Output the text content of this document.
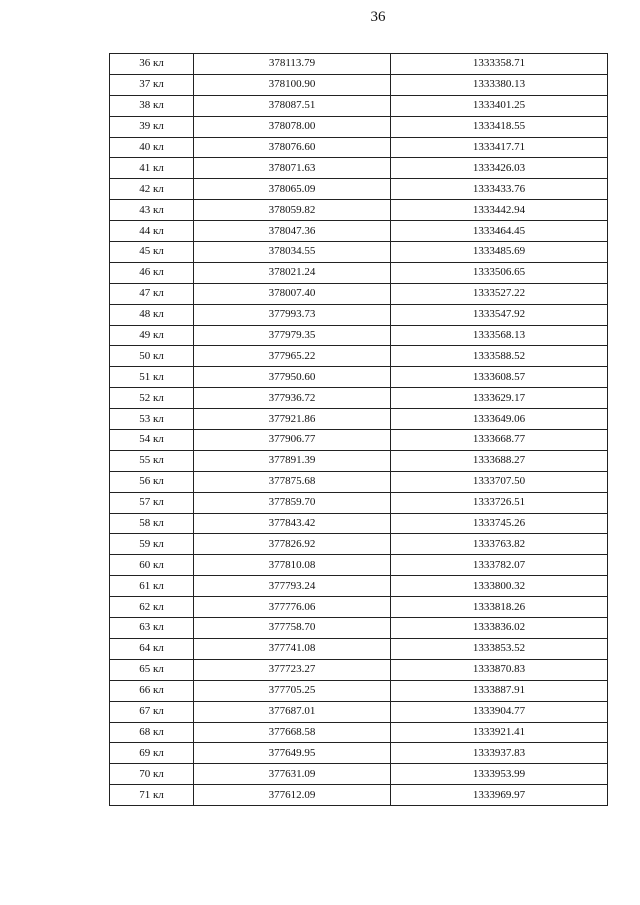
36
36 кл	378113.79	1333358.71
37 кл	378100.90	1333380.13
38 кл	378087.51	1333401.25
39 кл	378078.00	1333418.55
40 кл	378076.60	1333417.71
41 кл	378071.63	1333426.03
42 кл	378065.09	1333433.76
43 кл	378059.82	1333442.94
44 кл	378047.36	1333464.45
45 кл	378034.55	1333485.69
46 кл	378021.24	1333506.65
47 кл	378007.40	1333527.22
48 кл	377993.73	1333547.92
49 кл	377979.35	1333568.13
50 кл	377965.22	1333588.52
51 кл	377950.60	1333608.57
52 кл	377936.72	1333629.17
53 кл	377921.86	1333649.06
54 кл	377906.77	1333668.77
55 кл	377891.39	1333688.27
56 кл	377875.68	1333707.50
57 кл	377859.70	1333726.51
58 кл	377843.42	1333745.26
59 кл	377826.92	1333763.82
60 кл	377810.08	1333782.07
61 кл	377793.24	1333800.32
62 кл	377776.06	1333818.26
63 кл	377758.70	1333836.02
64 кл	377741.08	1333853.52
65 кл	377723.27	1333870.83
66 кл	377705.25	1333887.91
67 кл	377687.01	1333904.77
68 кл	377668.58	1333921.41
69 кл	377649.95	1333937.83
70 кл	377631.09	1333953.99
71 кл	377612.09	1333969.97
